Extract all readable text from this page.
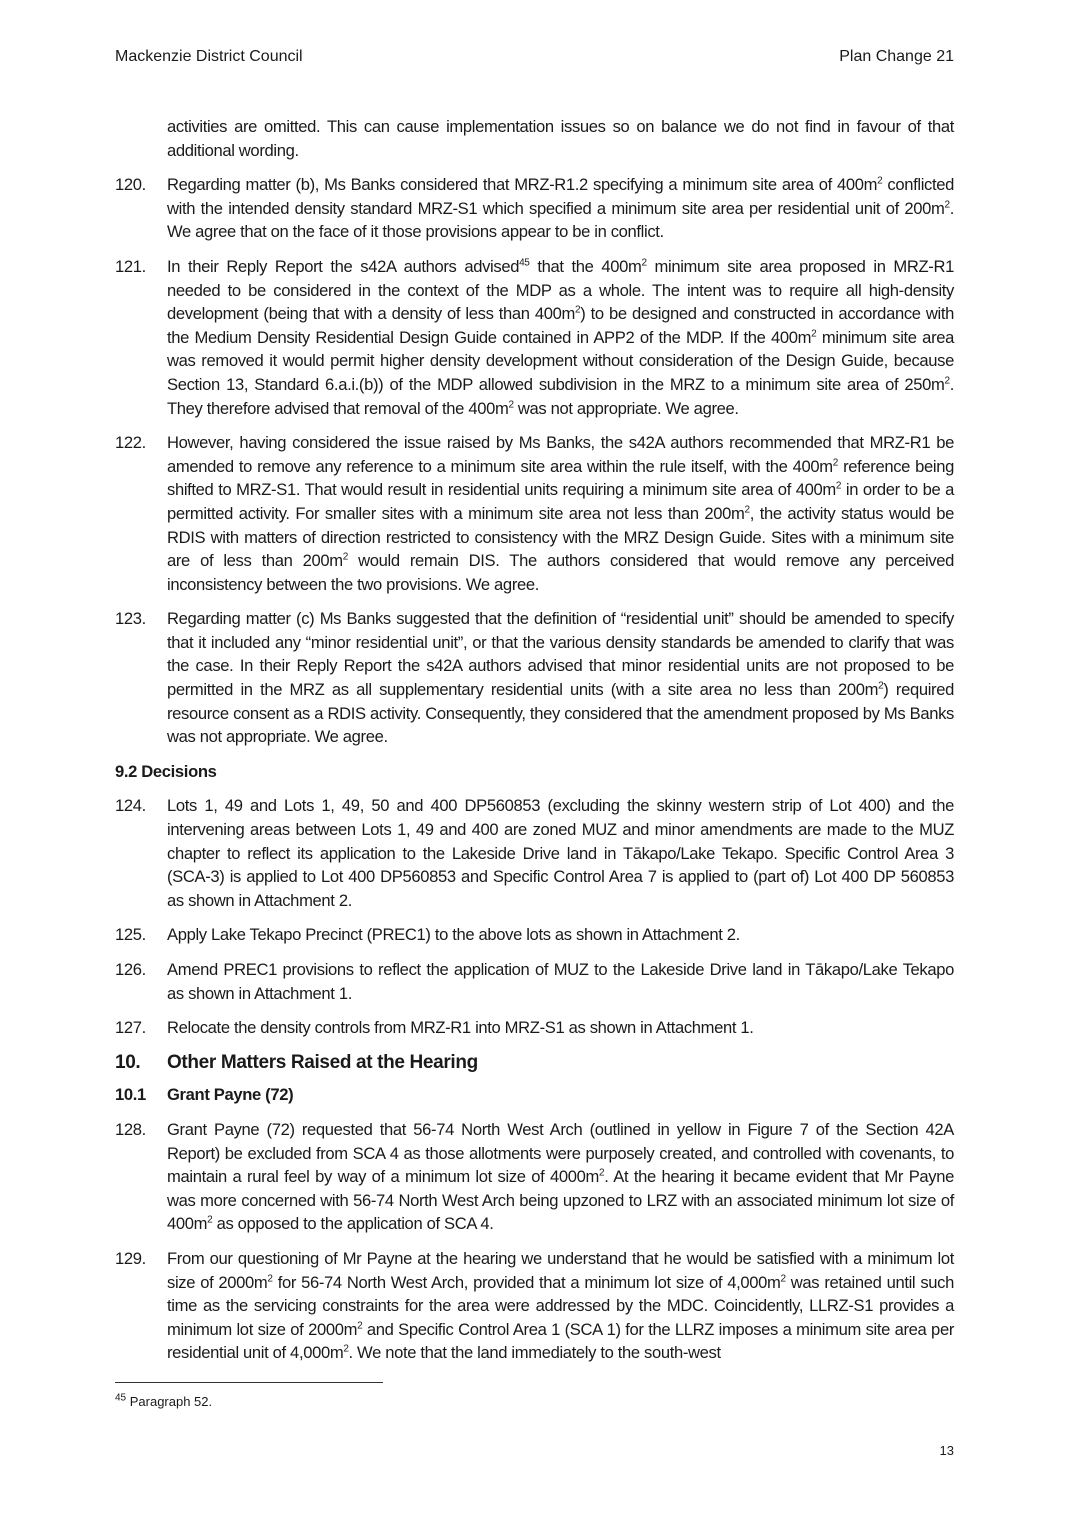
Mackenzie District Council	Plan Change 21
activities are omitted. This can cause implementation issues so on balance we do not find in favour of that additional wording.
120. Regarding matter (b), Ms Banks considered that MRZ-R1.2 specifying a minimum site area of $400m^2$ conflicted with the intended density standard MRZ-S1 which specified a minimum site area per residential unit of $200m^2$. We agree that on the face of it those provisions appear to be in conflict.
121. In their Reply Report the s42A authors advised$^{45}$ that the $400m^2$ minimum site area proposed in MRZ-R1 needed to be considered in the context of the MDP as a whole. The intent was to require all high-density development (being that with a density of less than $400m^2$) to be designed and constructed in accordance with the Medium Density Residential Design Guide contained in APP2 of the MDP. If the $400m^2$ minimum site area was removed it would permit higher density development without consideration of the Design Guide, because Section 13, Standard 6.a.i.(b)) of the MDP allowed subdivision in the MRZ to a minimum site area of $250m^2$. They therefore advised that removal of the $400m^2$ was not appropriate. We agree.
122. However, having considered the issue raised by Ms Banks, the s42A authors recommended that MRZ-R1 be amended to remove any reference to a minimum site area within the rule itself, with the $400m^2$ reference being shifted to MRZ-S1. That would result in residential units requiring a minimum site area of $400m^2$ in order to be a permitted activity. For smaller sites with a minimum site area not less than $200m^2$, the activity status would be RDIS with matters of direction restricted to consistency with the MRZ Design Guide. Sites with a minimum site are of less than $200m^2$ would remain DIS. The authors considered that would remove any perceived inconsistency between the two provisions. We agree.
123. Regarding matter (c) Ms Banks suggested that the definition of “residential unit” should be amended to specify that it included any “minor residential unit”, or that the various density standards be amended to clarify that was the case. In their Reply Report the s42A authors advised that minor residential units are not proposed to be permitted in the MRZ as all supplementary residential units (with a site area no less than $200m^2$) required resource consent as a RDIS activity. Consequently, they considered that the amendment proposed by Ms Banks was not appropriate. We agree.
9.2 Decisions
124. Lots 1, 49 and Lots 1, 49, 50 and 400 DP560853 (excluding the skinny western strip of Lot 400) and the intervening areas between Lots 1, 49 and 400 are zoned MUZ and minor amendments are made to the MUZ chapter to reflect its application to the Lakeside Drive land in Tākapo/Lake Tekapo. Specific Control Area 3 (SCA-3) is applied to Lot 400 DP560853 and Specific Control Area 7 is applied to (part of) Lot 400 DP 560853 as shown in Attachment 2.
125. Apply Lake Tekapo Precinct (PREC1) to the above lots as shown in Attachment 2.
126. Amend PREC1 provisions to reflect the application of MUZ to the Lakeside Drive land in Tākapo/Lake Tekapo as shown in Attachment 1.
127. Relocate the density controls from MRZ-R1 into MRZ-S1 as shown in Attachment 1.
10. Other Matters Raised at the Hearing
10.1 Grant Payne (72)
128. Grant Payne (72) requested that 56-74 North West Arch (outlined in yellow in Figure 7 of the Section 42A Report) be excluded from SCA 4 as those allotments were purposely created, and controlled with covenants, to maintain a rural feel by way of a minimum lot size of $4000m^2$. At the hearing it became evident that Mr Payne was more concerned with 56-74 North West Arch being upzoned to LRZ with an associated minimum lot size of $400m^2$ as opposed to the application of SCA 4.
129. From our questioning of Mr Payne at the hearing we understand that he would be satisfied with a minimum lot size of $2000m^2$ for 56-74 North West Arch, provided that a minimum lot size of $4,000m^2$ was retained until such time as the servicing constraints for the area were addressed by the MDC. Coincidently, LLRZ-S1 provides a minimum lot size of $2000m^2$ and Specific Control Area 1 (SCA 1) for the LLRZ imposes a minimum site area per residential unit of $4,000m^2$. We note that the land immediately to the south-west
$^{45}$ Paragraph 52.
13
